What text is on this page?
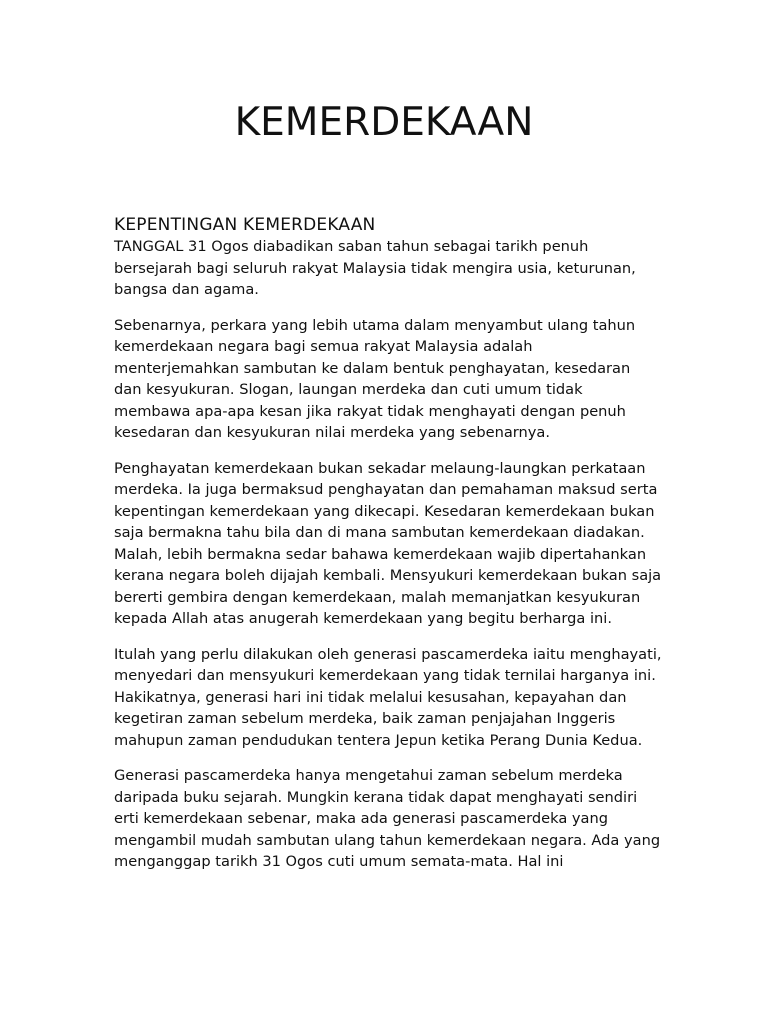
KEMERDEKAAN
KEPENTINGAN KEMERDEKAAN

TANGGAL 31 Ogos diabadikan saban tahun sebagai tarikh penuh bersejarah bagi seluruh rakyat Malaysia tidak mengira usia, keturunan, bangsa dan agama.

Sebenarnya, perkara yang lebih utama dalam menyambut ulang tahun kemerdekaan negara bagi semua rakyat Malaysia adalah menterjemahkan sambutan ke dalam bentuk penghayatan, kesedaran dan kesyukuran. Slogan, laungan merdeka dan cuti umum tidak membawa apa-apa kesan jika rakyat tidak menghayati dengan penuh kesedaran dan kesyukuran nilai merdeka yang sebenarnya.

Penghayatan kemerdekaan bukan sekadar melaung-laungkan perkataan merdeka. Ia juga bermaksud penghayatan dan pemahaman maksud serta kepentingan kemerdekaan yang dikecapi. Kesedaran kemerdekaan bukan saja bermakna tahu bila dan di mana sambutan kemerdekaan diadakan. Malah, lebih bermakna sedar bahawa kemerdekaan wajib dipertahankan kerana negara boleh dijajah kembali. Mensyukuri kemerdekaan bukan saja bererti gembira dengan kemerdekaan, malah memanjatkan kesyukuran kepada Allah atas anugerah kemerdekaan yang begitu berharga ini.

Itulah yang perlu dilakukan oleh generasi pascamerdeka iaitu menghayati, menyedari dan mensyukuri kemerdekaan yang tidak ternilai harganya ini. Hakikatnya, generasi hari ini tidak melalui kesusahan, kepayahan dan kegetiran zaman sebelum merdeka, baik zaman penjajahan Inggeris mahupun zaman pendudukan tentera Jepun ketika Perang Dunia Kedua.

Generasi pascamerdeka hanya mengetahui zaman sebelum merdeka daripada buku sejarah. Mungkin kerana tidak dapat menghayati sendiri erti kemerdekaan sebenar, maka ada generasi pascamerdeka yang mengambil mudah sambutan ulang tahun kemerdekaan negara. Ada yang menganggap tarikh 31 Ogos cuti umum semata-mata. Hal ini
